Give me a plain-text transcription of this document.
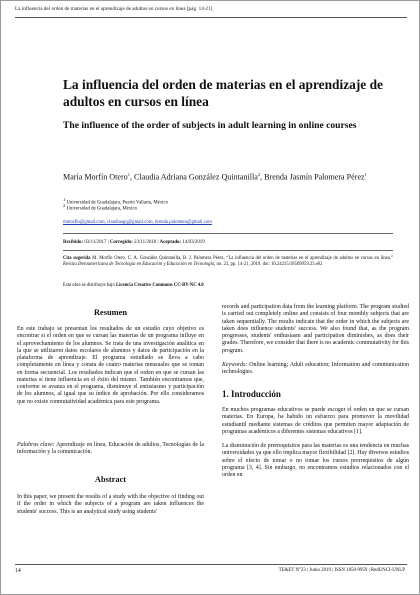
La influencia del orden de materias en el aprendizaje de adultos en cursos en línea [pág. 14-21]
La influencia del orden de materias en el aprendizaje de adultos en cursos en línea
The influence of the order of subjects in adult learning in online courses
María Morfín Otero$^1$, Claudia Adriana González Quintanilla$^2$, Brenda Jasmín Palomera Pérez$^1$
$^1$ Universidad de Guadalajara, Puerto Vallarta, México
$^2$ Universidad de Guadalajara, México
mmorfin@gmail.com, claudiaagq@gmail.com, brenda.palomera@gmail.com
Recibido: 03/11/2017 | Corregido: 23/11/2018 | Aceptado: 14/03/2019
Cita sugerida M. Morfín Otero, C. A. González Quintanilla, B. J. Palomera Pérez, “La influencia del orden de materias en el aprendizaje de adultos en cursos en línea,” Revista Iberoamericana de Tecnología en Educación y Educación en Tecnología, no. 23, pp. 14-21, 2019. doi: 10.24215/18509959.23.e02
Esta obra se distribuye bajo Licencia Creative Commons CC-BY-NC 4.0
Resumen

En este trabajo se presentan los resultados de un estudio cuyo objetivo es encontrar si el orden en que se cursan las materias de un programa influye en el aprovechamiento de los alumnos. Se trata de una investigación analítica en la que se utilizaron datos escolares de alumnos y datos de participación en la plataforma de aprendizaje. El programa estudiado se lleva a cabo completamente en línea y consta de cuatro materias mensuales que se toman en forma secuencial. Los resultados indican que el orden en que se cursan las materias sí tiene influencia en el éxito del mismo. También encontramos que, conforme se avanza en el programa, disminuye el entusiasmo y participación de los alumnos, al igual que su índice de aprobación. Por ello consideramos que no existe conmutatividad académica para este programa.

Palabras clave: Aprendizaje en línea, Educación de adultos, Tecnologías de la información y la comunicación.

Abstract

In this paper, we present the results of a study with the objective of finding out if the order in which the subjects of a program are taken influences the students' success. This is an analytical study using students'

records and participation data from the learning platform. The program studied is carried out completely online and consists of four monthly subjects that are taken sequentially. The results indicate that the order in which the subjects are taken does influence students' success. We also found that, as the program progresses, students' enthusiasm and participation diminishes, as does their grades. Therefore, we consider that there is no academic commutativity for this program.

Keywords: Online learning; Adult education; Information and communication technologies.

1. Introducción

En muchos programas educativos se puede escoger el orden en que se cursan materias. En Europa, ha habido un esfuerzo para promover la movilidad estudiantil mediante sistemas de créditos que permiten mayor adaptación de programas académicos a diferentes sistemas educativos [1].

La disminución de prerrequisitos para las materias es una tendencia en muchas universidades ya que ello implica mayor flexibilidad [2]. Hay diversos estudios sobre el efecto de tomar o no tomar los cursos prerrequisitos de algún programa [3, 4]. Sin embargo, no encontramos estudios relacionados con el orden en

14	TE&ET N°23 | Junio 2019 | ISSN 1850-9959 | RedUNCI-UNLP
